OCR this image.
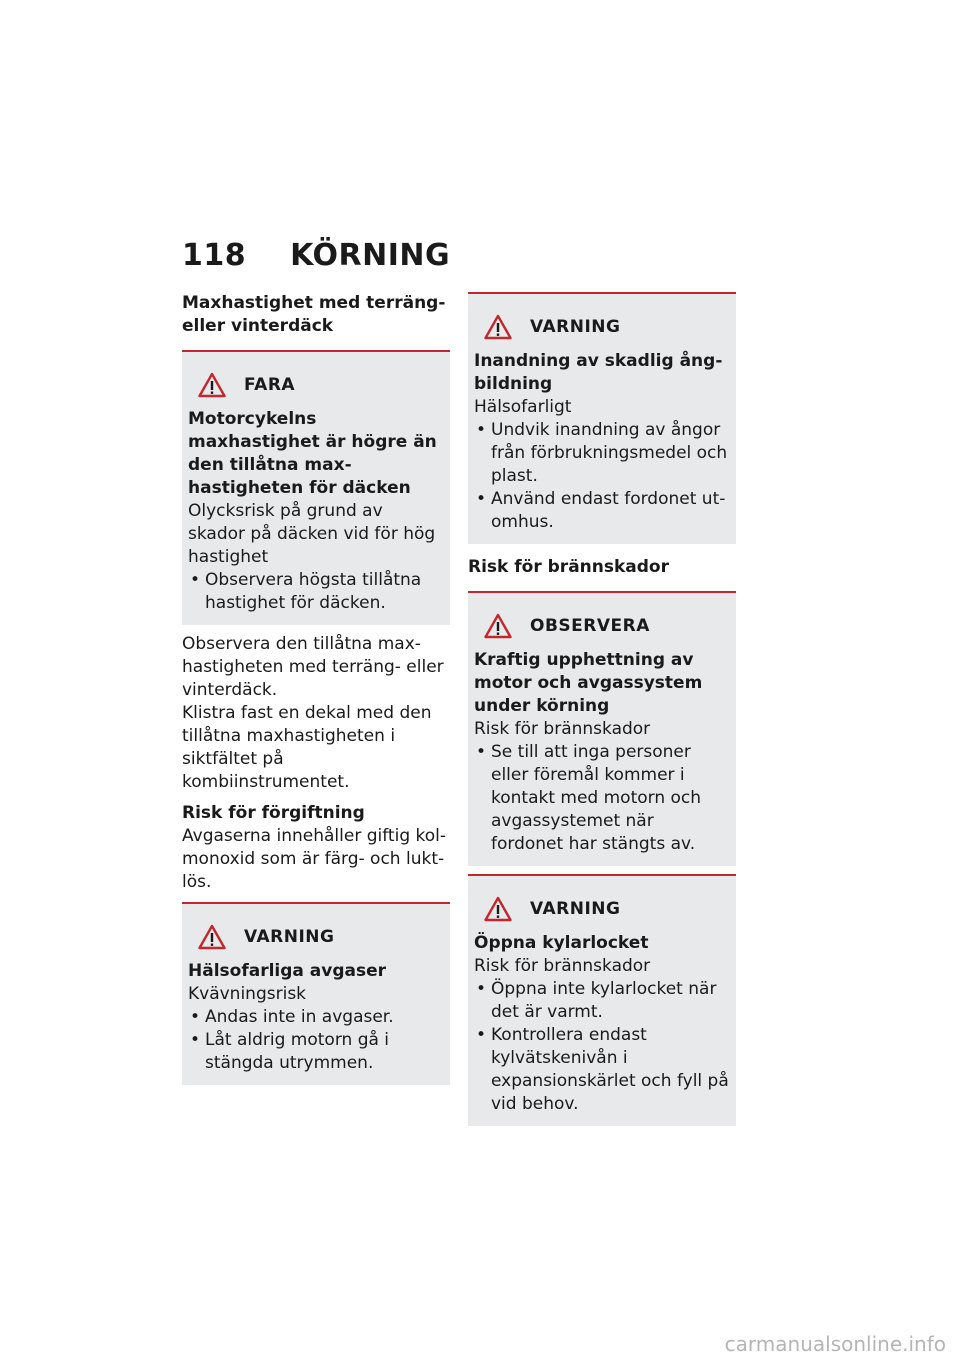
118 KÖRNING

Maxhastighet med terräng- eller vinterdäck

FARA

Motorcykelns maxhastighet är högre än den tillåtna maxhastigheten för däcken

Olycksrisk på grund av skador på däcken vid för hög hastighet

• Observera högsta tillåtna hastighet för däcken.

Observera den tillåtna maxhastigheten med terräng- eller vinterdäck.

Klistra fast en dekal med den tillåtna maxhastigheten i siktfältet på kombiinstrumentet.

Risk för förgiftning

Avgaserna innehåller giftig kolmonoxid som är färg- och luktlös.

VARNING

Hälsofarliga avgaser

Kvävningsrisk

• Andas inte in avgaser.
• Låt aldrig motorn gå i stängda utrymmen.
VARNING

Inandning av skadlig ångbildning

Hälsofarligt

• Undvik inandning av ångor från förbrukningsmedel och plast.
• Använd endast fordonet utomhus.

Risk för brännskador

OBSERVERA

Kraftig upphettning av motor och avgassystem under körning

Risk för brännskador

• Se till att inga personer eller föremål kommer i kontakt med motorn och avgassystemet när fordonet har stängts av.
VARNING

Öppna kylarlocket

Risk för brännskador

• Öppna inte kylarlocket när det är varmt.
• Kontrollera endast kylvätskenivån i expansionskärlet och fyll på vid behov.
carmanualsonline.info
